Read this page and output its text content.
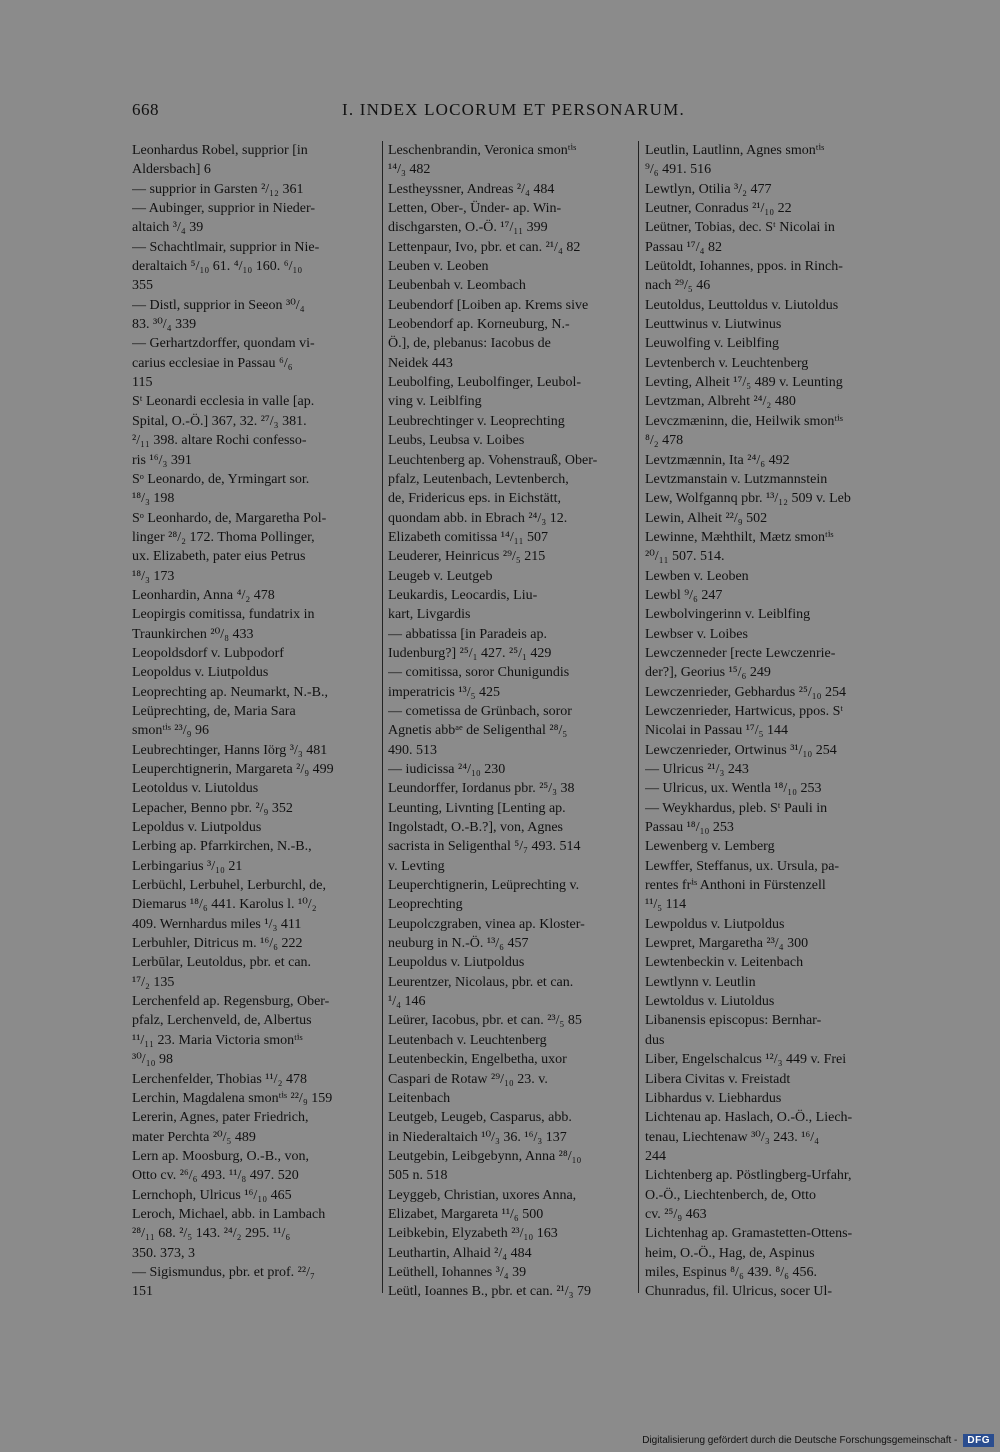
668	I. INDEX LOCORUM ET PERSONARUM.
Leonhardus Robel, supprior [in
Aldersbach] 6
— supprior in Garsten ²/₁₂ 361
— Aubinger, supprior in Nieder-
altaich ³/₄ 39
— Schachtlmair, supprior in Nie-
deraltaich ⁵/₁₀ 61. ⁴/₁₀ 160. ⁶/₁₀
355
— Distl, supprior in Seeon ³⁰/₄
83. ³⁰/₄ 339
— Gerhartzdorffer, quondam vi-
carius ecclesiae in Passau ⁶/₆
115
Sᵗ Leonardi ecclesia in valle [ap.
Spital, O.-Ö.] 367, 32. ²⁷/₃ 381.
²/₁₁ 398. altare Rochi confesso-
ris ¹⁶/₃ 391
Sᵒ Leonardo, de, Yrmingart sor.
¹⁸/₃ 198
Sᵒ Leonhardo, de, Margaretha Pol-
linger ²⁸/₂ 172. Thoma Pollinger,
ux. Elizabeth, pater eius Petrus
¹⁸/₃ 173
Leonhardin, Anna ⁴/₂ 478
Leopirgis comitissa, fundatrix in
Traunkirchen ²⁰/₈ 433
Leopoldsdorf v. Lubpodorf
Leopoldus v. Liutpoldus
Leoprechting ap. Neumarkt, N.-B.,
Leüprechting, de, Maria Sara
smonᵗⁱˢ ²³/₉ 96
Leubrechtinger, Hanns Iörg ³/₃ 481
Leuperchtignerin, Margareta ²/₉ 499
Leotoldus v. Liutoldus
Lepacher, Benno pbr. ²/₉ 352
Lepoldus v. Liutpoldus
Lerbing ap. Pfarrkirchen, N.-B.,
Lerbingarius ³/₁₀ 21
Lerbüchl, Lerbuhel, Lerburchl, de,
Diemarus ¹⁸/₆ 441. Karolus l. ¹⁰/₂
409. Wernhardus miles ¹/₃ 411
Lerbuhler, Ditricus m. ¹⁶/₆ 222
Lerbūlar, Leutoldus, pbr. et can.
¹⁷/₂ 135
Lerchenfeld ap. Regensburg, Ober-
pfalz, Lerchenveld, de, Albertus
¹¹/₁₁ 23. Maria Victoria smonᵗⁱˢ
³⁰/₁₀ 98
Lerchenfelder, Thobias ¹¹/₂ 478
Lerchin, Magdalena smonᵗⁱˢ ²²/₉ 159
Lererin, Agnes, pater Friedrich,
mater Perchta ²⁰/₅ 489
Lern ap. Moosburg, O.-B., von,
Otto cv. ²⁶/₆ 493. ¹¹/₈ 497. 520
Lernchoph, Ulricus ¹⁶/₁₀ 465
Leroch, Michael, abb. in Lambach
²⁸/₁₁ 68. ²/₅ 143. ²⁴/₂ 295. ¹¹/₆
350. 373, 3
— Sigismundus, pbr. et prof. ²²/₇
151
Leschenbrandin, Veronica smonᵗⁱˢ
¹⁴/₃ 482
Lestheyssner, Andreas ²/₄ 484
Letten, Ober-, Ünder- ap. Win-
dischgarsten, O.-Ö. ¹⁷/₁₁ 399
Lettenpaur, Ivo, pbr. et can. ²¹/₄ 82
Leuben v. Leoben
Leubenbah v. Leombach
Leubendorf [Loiben ap. Krems sive
Leobendorf ap. Korneuburg, N.-
Ö.], de, plebanus: Iacobus de
Neidek 443
Leubolfing, Leubolfinger, Leubol-
ving v. Leiblfing
Leubrechtinger v. Leoprechting
Leubs, Leubsa v. Loibes
Leuchtenberg ap. Vohenstrauß, Ober-
pfalz, Leutenbach, Levtenberch,
de, Fridericus eps. in Eichstätt,
quondam abb. in Ebrach ²⁴/₃ 12.
Elizabeth comitissa ¹⁴/₁₁ 507
Leuderer, Heinricus ²⁹/₅ 215
Leugeb v. Leutgeb
Leukardis, Leocardis, Liu-
kart, Livgardis
— abbatissa [in Paradeis ap.
Iudenburg?] ²⁵/₁ 427. ²⁵/₁ 429
— comitissa, soror Chunigundis
imperatricis ¹³/₅ 425
— cometissa de Grünbach, soror
Agnetis abbᵃᵉ de Seligenthal ²⁸/₅
490. 513
— iudicissa ²⁴/₁₀ 230
Leundorffer, Iordanus pbr. ²⁵/₃ 38
Leunting, Livnting [Lenting ap.
Ingolstadt, O.-B.?], von, Agnes
sacrista in Seligenthal ⁵/₇ 493. 514
v. Levting
Leuperchtignerin, Leüprechting v.
Leoprechting
Leupolczgraben, vinea ap. Kloster-
neuburg in N.-Ö. ¹³/₆ 457
Leupoldus v. Liutpoldus
Leurentzer, Nicolaus, pbr. et can.
¹/₄ 146
Leürer, Iacobus, pbr. et can. ²³/₅ 85
Leutenbach v. Leuchtenberg
Leutenbeckin, Engelbetha, uxor
Caspari de Rotaw ²⁹/₁₀ 23. v.
Leitenbach
Leutgeb, Leugeb, Casparus, abb.
in Niederaltaich ¹⁰/₃ 36. ¹⁶/₃ 137
Leutgebin, Leibgebynn, Anna ²⁸/₁₀
505 n. 518
Leyggeb, Christian, uxores Anna,
Elizabet, Margareta ¹¹/₆ 500
Leibkebin, Elyzabeth ²³/₁₀ 163
Leuthartin, Alhaid ²/₄ 484
Leüthell, Iohannes ³/₄ 39
Leütl, Ioannes B., pbr. et can. ²¹/₃ 79
Leutlin, Lautlinn, Agnes smonᵗⁱˢ
⁹/₆ 491. 516
Lewtlyn, Otilia ³/₂ 477
Leutner, Conradus ²¹/₁₀ 22
Leütner, Tobias, dec. Sᵗ Nicolai in
Passau ¹⁷/₄ 82
Leütoldt, Iohannes, ppos. in Rinch-
nach ²⁹/₅ 46
Leutoldus, Leuttoldus v. Liutoldus
Leuttwinus v. Liutwinus
Leuwolfing v. Leiblfing
Levtenberch v. Leuchtenberg
Levting, Alheit ¹⁷/₅ 489 v. Leunting
Levtzman, Albreht ²⁴/₂ 480
Levczmæninn, die, Heilwik smonᵗⁱˢ
⁸/₂ 478
Levtzmænnin, Ita ²⁴/₆ 492
Levtzmanstain v. Lutzmannstein
Lew, Wolfgannq pbr. ¹³/₁₂ 509 v. Leb
Lewin, Alheit ²²/₉ 502
Lewinne, Mæhthilt, Mætz smonᵗⁱˢ
²⁰/₁₁ 507. 514.
Lewben v. Leoben
Lewbl ⁹/₆ 247
Lewbolvingerinn v. Leiblfing
Lewbser v. Loibes
Lewczenneder [recte Lewczenrie-
der?], Georius ¹⁵/₆ 249
Lewczenrieder, Gebhardus ²⁵/₁₀ 254
Lewczenrieder, Hartwicus, ppos. Sᵗ
Nicolai in Passau ¹⁷/₅ 144
Lewczenrieder, Ortwinus ³¹/₁₀ 254
— Ulricus ²¹/₃ 243
— Ulricus, ux. Wentla ¹⁸/₁₀ 253
— Weykhardus, pleb. Sᵗ Pauli in
Passau ¹⁸/₁₀ 253
Lewenberg v. Lemberg
Lewffer, Steffanus, ux. Ursula, pa-
rentes frⁱˢ Anthoni in Fürstenzell
¹¹/₅ 114
Lewpoldus v. Liutpoldus
Lewpret, Margaretha ²³/₄ 300
Lewtenbeckin v. Leitenbach
Lewtlynn v. Leutlin
Lewtoldus v. Liutoldus
Libanensis episcopus: Bernhar-
dus
Liber, Engelschalcus ¹²/₃ 449 v. Frei
Libera Civitas v. Freistadt
Libhardus v. Liebhardus
Lichtenau ap. Haslach, O.-Ö., Liech-
tenau, Liechtenaw ³⁰/₃ 243. ¹⁶/₄
244
Lichtenberg ap. Pöstlingberg-Urfahr,
O.-Ö., Liechtenberch, de, Otto
cv. ²⁵/₉ 463
Lichtenhag ap. Gramastetten-Ottens-
heim, O.-Ö., Hag, de, Aspinus
miles, Espinus ⁸/₆ 439. ⁸/₆ 456.
Chunradus, fil. Ulricus, socer Ul-
Digitalisierung gefördert durch die Deutsche Forschungsgemeinschaft -	DFG
